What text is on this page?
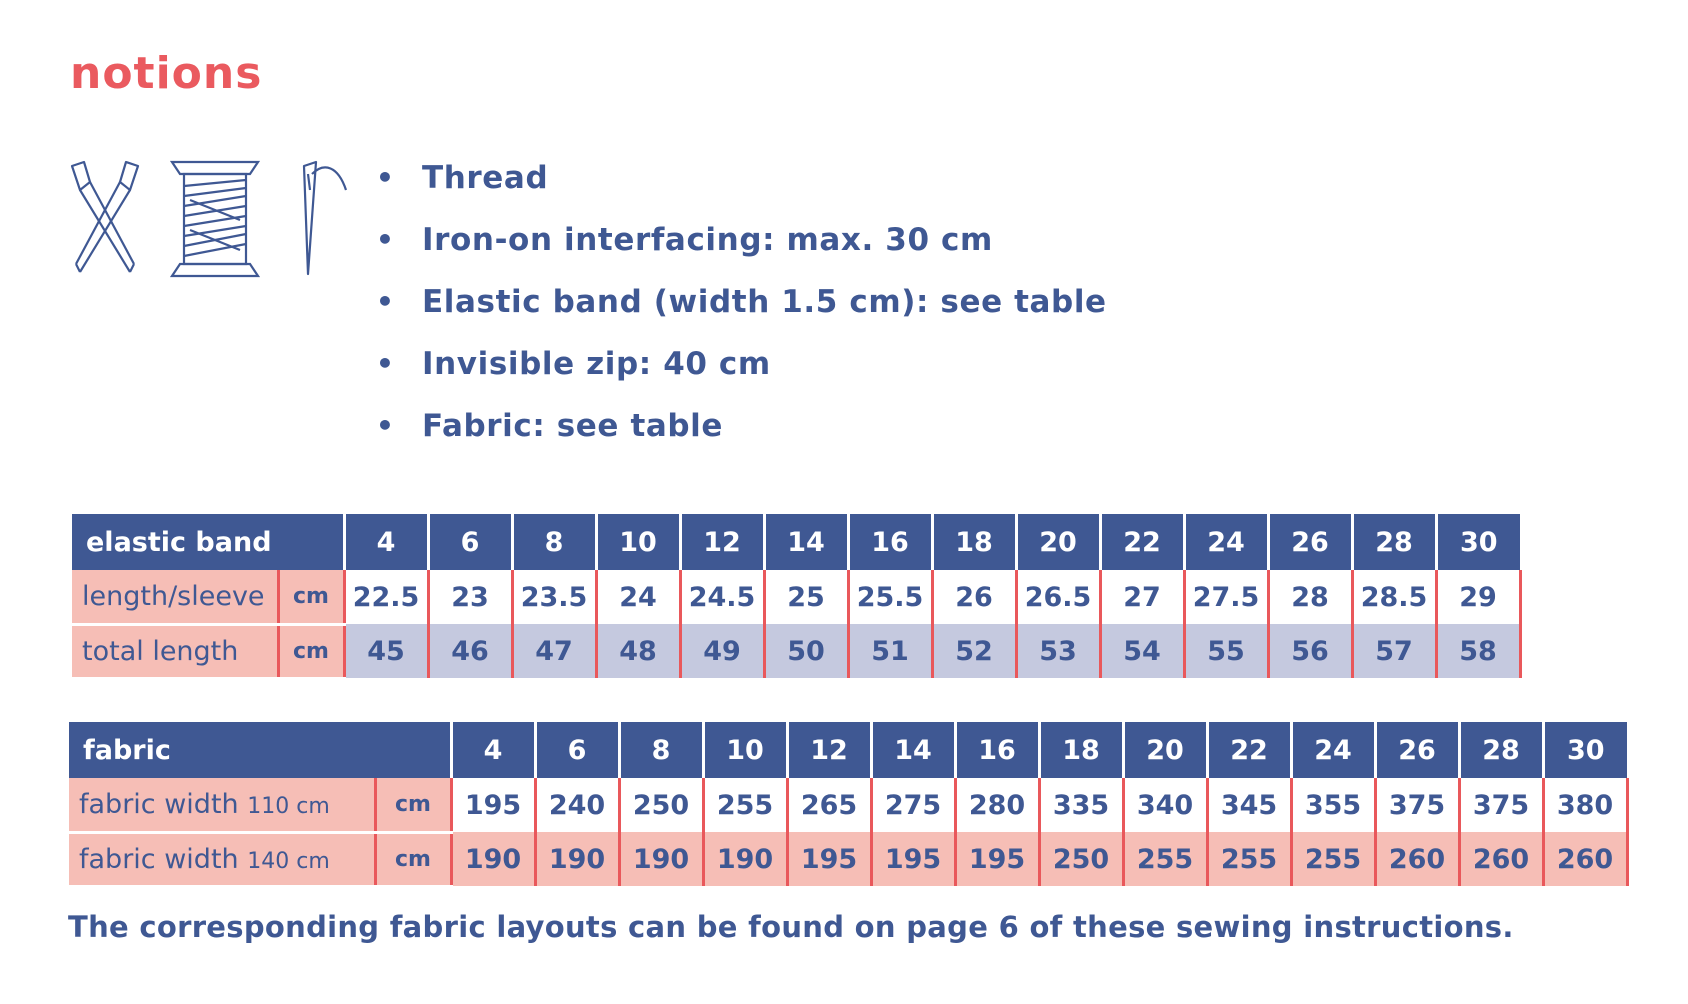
notions
• Thread
• Iron-on interfacing: max. 30 cm
• Elastic band (width 1.5 cm): see table
• Invisible zip: 40 cm
• Fabric: see table
elastic band		4	6	8	10	12	14	16	18	20	22	24	26	28	30
length/sleeve	cm	22.5	23	23.5	24	24.5	25	25.5	26	26.5	27	27.5	28	28.5	29
total length	cm	45	46	47	48	49	50	51	52	53	54	55	56	57	58
fabric		4	6	8	10	12	14	16	18	20	22	24	26	28	30
fabric width 110 cm	cm	195	240	250	255	265	275	280	335	340	345	355	375	375	380
fabric width 140 cm	cm	190	190	190	190	195	195	195	250	255	255	255	260	260	260

The corresponding fabric layouts can be found on page 6 of these sewing instructions.
